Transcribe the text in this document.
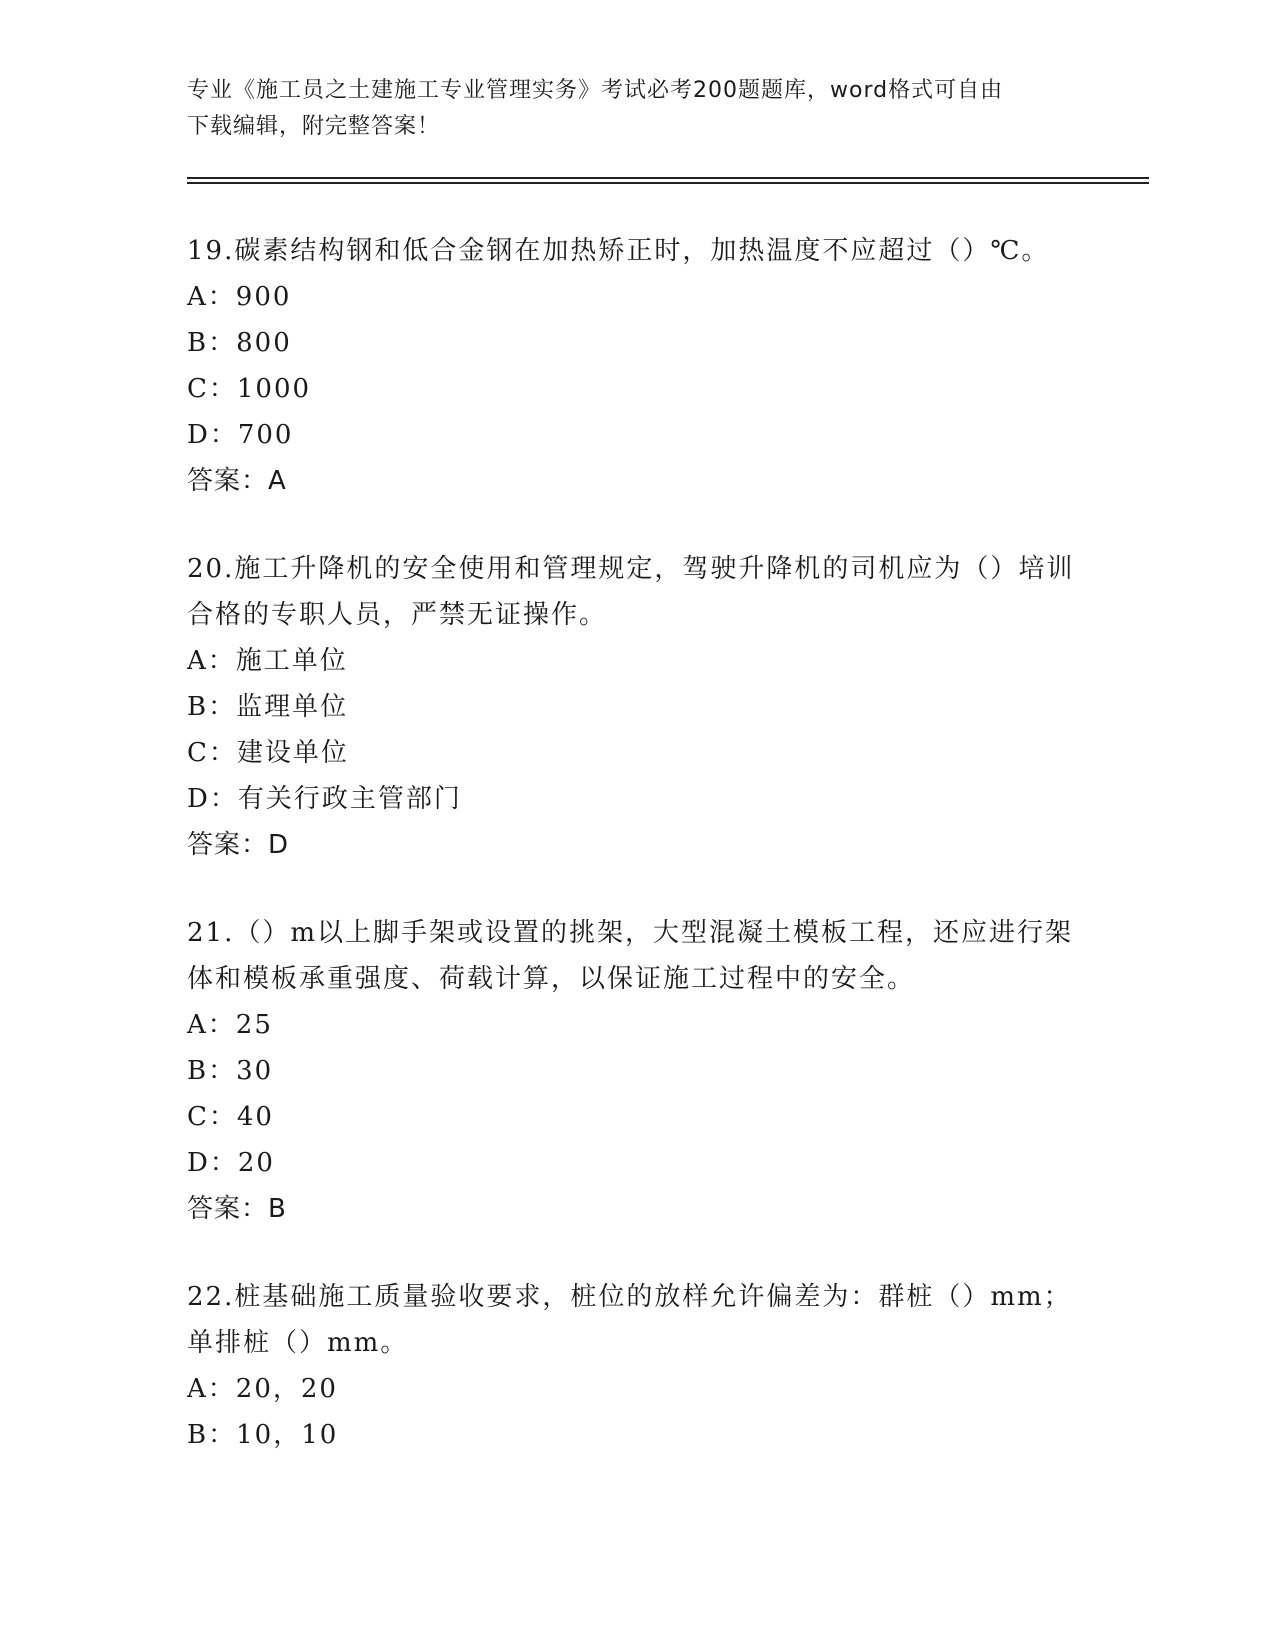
专业《施工员之土建施工专业管理实务》考试必考200题题库，word格式可自由
下载编辑，附完整答案！
19.碳素结构钢和低合金钢在加热矫正时，加热温度不应超过（）℃。
A：900
B：800
C：1000
D：700
答案：A
20.施工升降机的安全使用和管理规定，驾驶升降机的司机应为（）培训合格的专职人员，严禁无证操作。
A：施工单位
B：监理单位
C：建设单位
D：有关行政主管部门
答案：D
21.（）m以上脚手架或设置的挑架，大型混凝土模板工程，还应进行架体和模板承重强度、荷载计算，以保证施工过程中的安全。
A：25
B：30
C：40
D：20
答案：B
22.桩基础施工质量验收要求，桩位的放样允许偏差为：群桩（）mm；单排桩（）mm。
A：20，20
B：10，10
